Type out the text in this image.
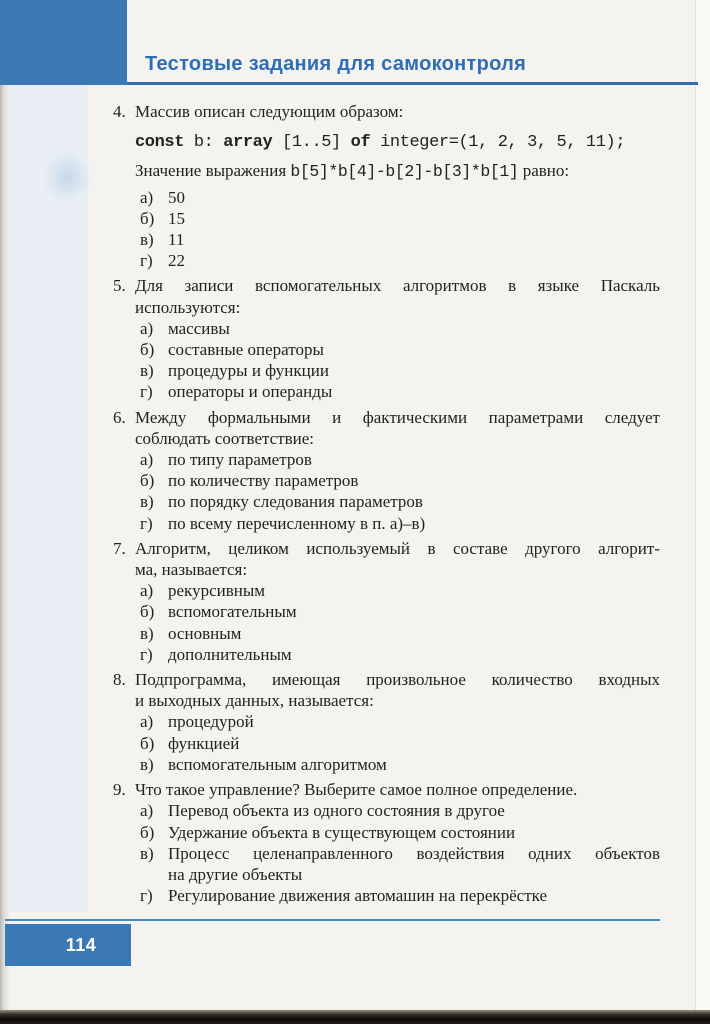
Тестовые задания для самоконтроля
4. Массив описан следующим образом:
const b: array [1..5] of integer=(1, 2, 3, 5, 11);
Значение выражения b[5]*b[4]-b[2]-b[3]*b[1] равно:
а) 50
б) 15
в) 11
г) 22
5. Для записи вспомогательных алгоритмов в языке Паскаль
используются:
а) массивы
б) составные операторы
в) процедуры и функции
г) операторы и операнды
6. Между формальными и фактическими параметрами следует
соблюдать соответствие:
а) по типу параметров
б) по количеству параметров
в) по порядку следования параметров
г) по всему перечисленному в п. а)–в)
7. Алгоритм, целиком используемый в составе другого алгорит-
ма, называется:
а) рекурсивным
б) вспомогательным
в) основным
г) дополнительным
8. Подпрограмма, имеющая произвольное количество входных
и выходных данных, называется:
а) процедурой
б) функцией
в) вспомогательным алгоритмом
9. Что такое управление? Выберите самое полное определение.
а) Перевод объекта из одного состояния в другое
б) Удержание объекта в существующем состоянии
в) Процесс целенаправленного воздействия одних объектов
на другие объекты
г) Регулирование движения автомашин на перекрёстке
114
